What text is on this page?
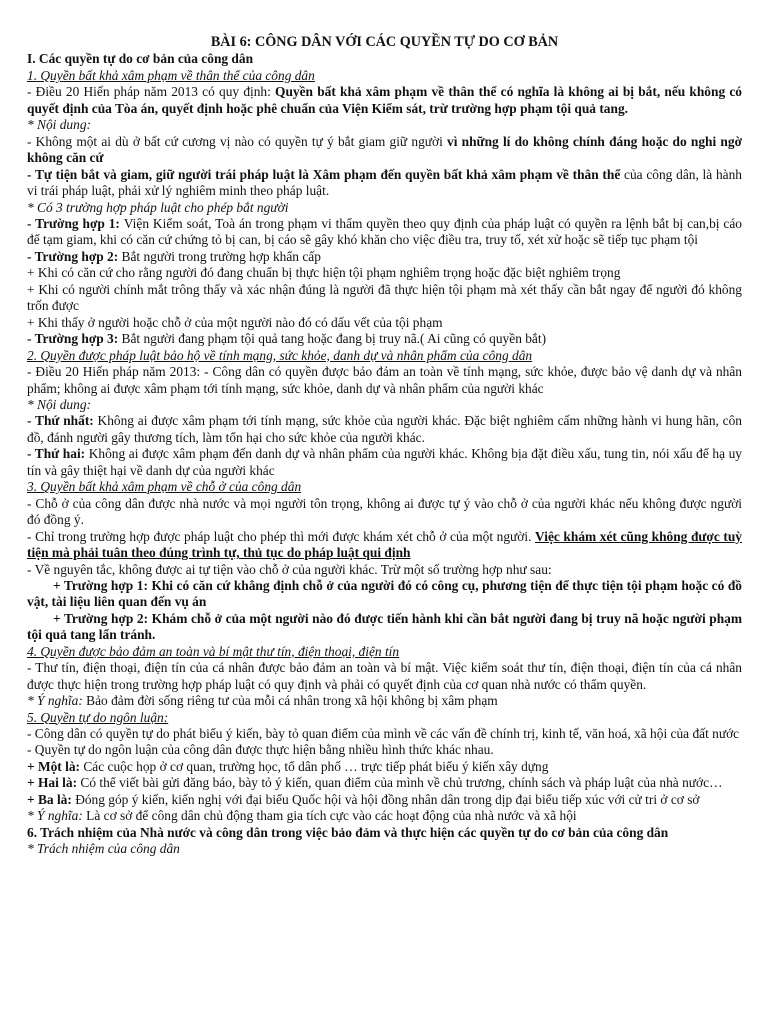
BÀI 6: CÔNG DÂN VỚI CÁC QUYỀN TỰ DO CƠ BẢN

I. Các quyền tự do cơ bản của công dân

1. Quyền bất khả xâm phạm về thân thể của công dân

- Điều 20 Hiến pháp năm 2013 có quy định: Quyền bất khả xâm phạm về thân thể có nghĩa là không ai bị bắt, nếu không có quyết định của Tòa án, quyết định hoặc phê chuẩn của Viện Kiểm sát, trừ trường hợp phạm tội quả tang.

* Nội dung:

- Không một ai dù ở bất cứ cương vị nào có quyền tự ý bắt giam giữ người vì những lí do không chính đáng hoặc do nghi ngờ không căn cứ

- Tự tiện bắt và giam, giữ người trái pháp luật là Xâm phạm đến quyền bất khả xâm phạm về thân thể của công dân, là hành vi trái pháp luật, phải xử lý nghiêm minh theo pháp luật.

* Có 3 trường hợp pháp luật cho phép bắt người

- Trường hợp 1: Viện Kiểm soát, Toà án trong phạm vi thẩm quyền theo quy định của pháp luật có quyền ra lệnh bắt bị can,bị cáo để tạm giam, khi có căn cứ chứng tỏ bị can, bị cáo sẽ gây khó khăn cho việc điều tra, truy tố, xét xử hoặc sẽ tiếp tục phạm tội

- Trường hợp 2: Bắt người trong trường hợp khẩn cấp

+ Khi có căn cứ cho rằng người đó đang chuẩn bị thực hiện tội phạm nghiêm trọng hoặc đặc biệt nghiêm trọng

+ Khi có người chính mắt trông thấy và xác nhận đúng là người đã thực hiện tội phạm mà xét thấy cần bắt ngay để người đó không trốn được

+ Khi thấy ở người hoặc chỗ ở của một người nào đó có dấu vết của tội phạm

- Trường hợp 3: Bắt người đang phạm tội quả tang hoặc đang bị truy nã.( Ai cũng có quyền bắt)

2. Quyền được pháp luật bảo hộ về tính mạng, sức khỏe, danh dự và nhân phẩm của công dân

- Điều 20 Hiến pháp năm 2013: - Công dân có quyền được bảo đảm an toàn về tính mạng, sức khỏe, được bảo vệ danh dự và nhân phẩm; không ai được xâm phạm tới tính mạng, sức khỏe, danh dự và nhân phẩm của người khác

* Nội dung:

- Thứ nhất: Không ai được xâm phạm tới tính mạng, sức khỏe của người khác. Đặc biệt nghiêm cấm những hành vi hung hãn, côn đồ, đánh người gây thương tích, làm tổn hại cho sức khỏe của người khác.

- Thứ hai: Không ai được xâm phạm đến danh dự và nhân phẩm của người khác. Không bịa đặt điều xấu, tung tin, nói xấu để hạ uy tín và gây thiệt hại về danh dự của người khác

3. Quyền bất khả xâm phạm về chỗ ở của công dân

- Chỗ ở của công dân được nhà nước và mọi người tôn trọng, không ai được tự ý vào chỗ ở của người khác nếu không được người đó đồng ý.

- Chỉ trong trường hợp được pháp luật cho phép thì mới được khám xét chỗ ở của một người. Việc khám xét cũng không được tuỳ tiện mà phải tuân theo đúng trình tự, thủ tục do pháp luật qui định

- Về nguyên tắc, không được ai tự tiện vào chỗ ở của người khác. Trừ một số trường hợp như sau:

+ Trường hợp 1: Khi có căn cứ khẳng định chỗ ở của người đó có công cụ, phương tiện để thực tiện tội phạm hoặc có đồ vật, tài liệu liên quan đến vụ án

+ Trường hợp 2: Khám chỗ ở của một người nào đó được tiến hành khi cần bắt người đang bị truy nã hoặc người phạm tội quả tang lẩn tránh.

4. Quyền được bảo đảm an toàn và bí mật thư tín, điện thoại, điện tín

- Thư tín, điện thoại, điện tín của cá nhân được bảo đảm an toàn và bí mật. Việc kiểm soát thư tín, điện thoại, điện tín của cá nhân được thực hiện trong trường hợp pháp luật có quy định và phải có quyết định của cơ quan nhà nước có thẩm quyền.

* Ý nghĩa: Bảo đảm đời sống riêng tư của mỗi cá nhân trong xã hội không bị xâm phạm

5. Quyền tự do ngôn luận:

- Công dân có quyền tự do phát biểu ý kiến, bày tỏ quan điểm của mình về các vấn đề chính trị, kinh tế, văn hoá, xã hội của đất nước

- Quyền tự do ngôn luận của công dân được thực hiện bằng nhiều hình thức khác nhau.

+ Một là: Các cuộc họp ở cơ quan, trường học, tổ dân phố … trực tiếp phát biểu ý kiến xây dựng

+ Hai là: Có thể viết bài gửi đăng báo, bày tỏ ý kiến, quan điểm của mình về chủ trương, chính sách và pháp luật của nhà nước…

+ Ba là: Đóng góp ý kiến, kiến nghị với đại biểu Quốc hội và hội đồng nhân dân trong dịp đại biểu tiếp xúc với cử tri ở cơ sở

* Ý nghĩa: Là cơ sở để công dân chủ động tham gia tích cực vào các hoạt động của nhà nước và xã hội

6. Trách nhiệm của Nhà nước và công dân trong việc bảo đảm và thực hiện các quyền tự do cơ bản của công dân

* Trách nhiệm của công dân
